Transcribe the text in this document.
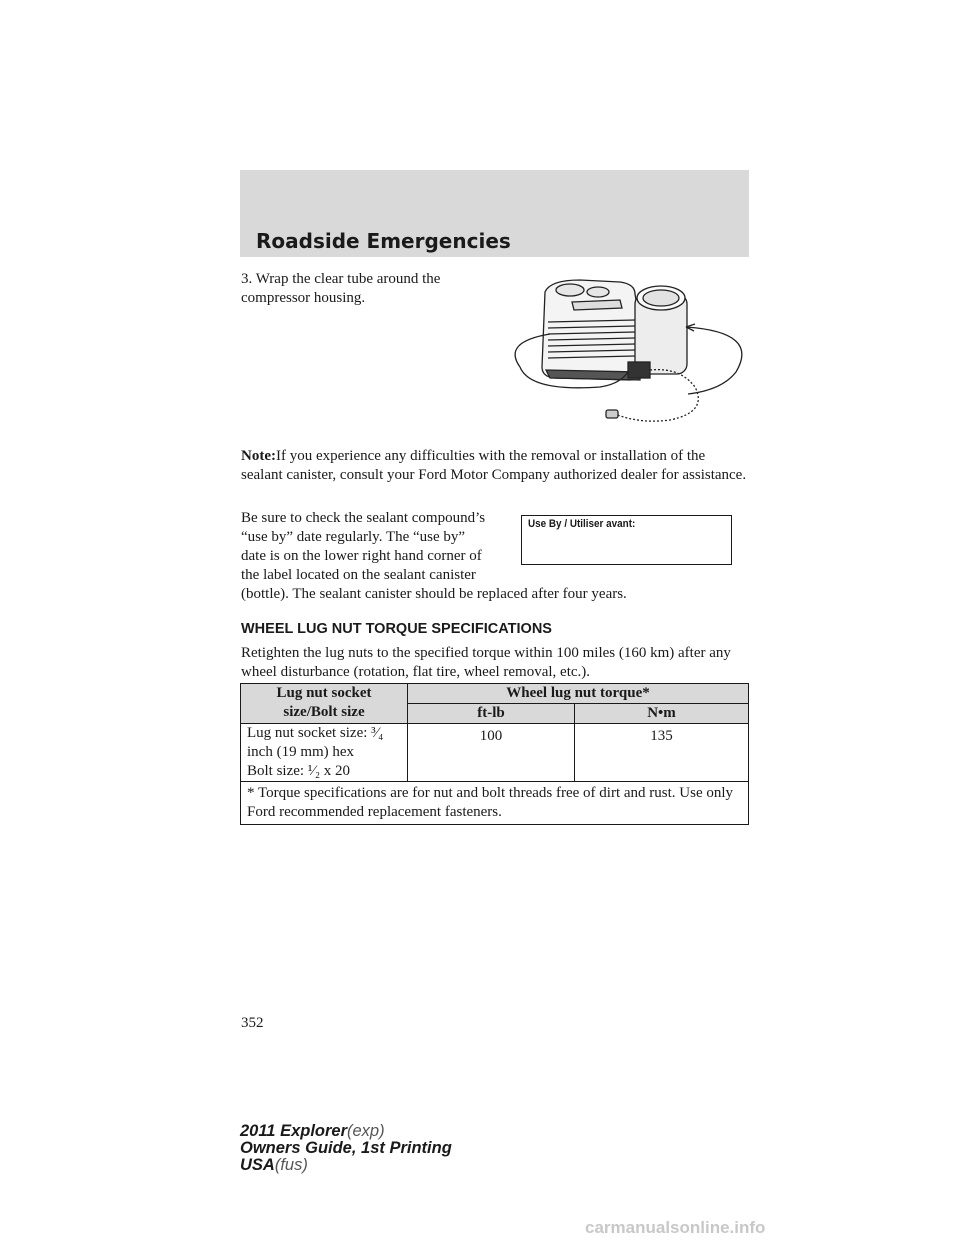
Roadside Emergencies

3. Wrap the clear tube around the compressor housing.

Note:If you experience any difficulties with the removal or installation of the sealant canister, consult your Ford Motor Company authorized dealer for assistance.

Be sure to check the sealant compound’s “use by” date regularly. The “use by” date is on the lower right hand corner of the label located on the sealant canister

(bottle). The sealant canister should be replaced after four years.

Use By / Utiliser avant:
WHEEL LUG NUT TORQUE SPECIFICATIONS

Retighten the lug nuts to the specified torque within 100 miles (160 km) after any wheel disturbance (rotation, flat tire, wheel removal, etc.).

Lug nut socket
size/Bolt size	Wheel lug nut torque*	
	ft-lb	N•m
Lug nut socket size: ³⁄₄
inch (19 mm) hex
Bolt size: ¹⁄₂ x 20	100	135
* Torque specifications are for nut and bolt threads free of dirt and rust. Use only Ford recommended replacement fasteners.		
352
2011 Explorer(exp)
Owners Guide, 1st Printing
USA(fus)
carmanualsonline.info
